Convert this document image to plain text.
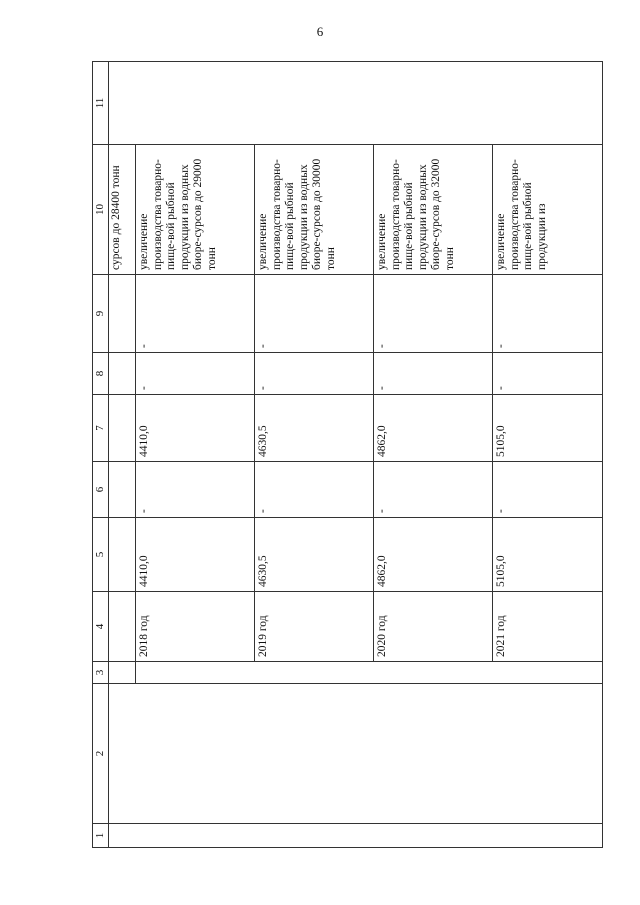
6
1	2	3	4	5	6	7	8	9	10	11
									сурсов до 28400 тонн	
			2018 год	4410,0	-	4410,0	-	-	увеличение производства товарно-пище-вой рыбной продукции из водных биоре-сурсов до 29000 тонн	
			2019 год	4630,5	-	4630,5	-	-	увеличение производства товарно-пище-вой рыбной продукции из водных биоре-сурсов до 30000 тонн	
			2020 год	4862,0	-	4862,0	-	-	увеличение производства товарно-пище-вой рыбной продукции из водных биоре-сурсов до 32000 тонн	
			2021 год	5105,0	-	5105,0	-	-	увеличение производства товарно-пище-вой рыбной продукции из	
